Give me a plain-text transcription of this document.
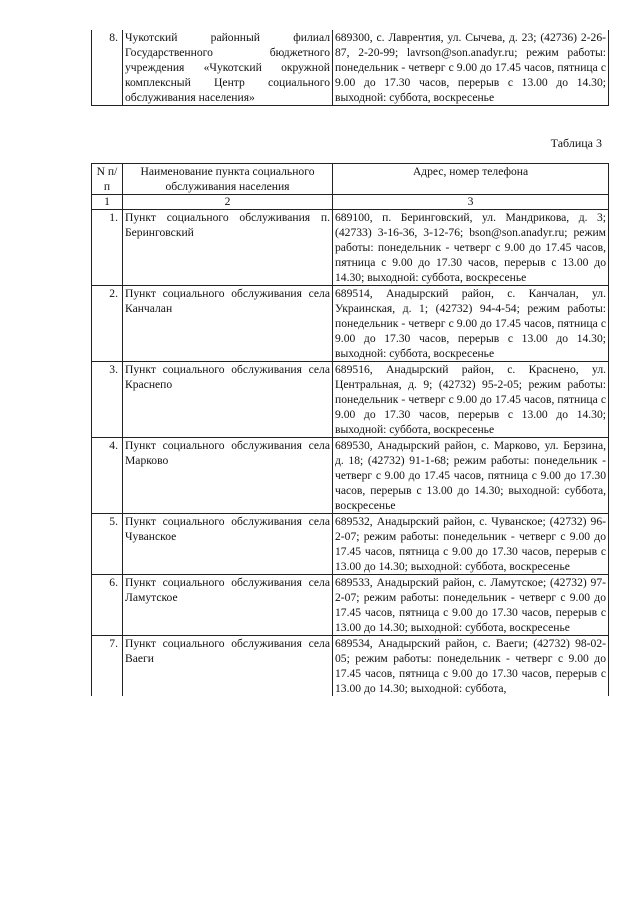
8.	Чукотский районный филиал Государственного бюджетного учреждения «Чукотский окружной комплексный Центр социального обслуживания населения»	689300, с. Лаврентия, ул. Сычева, д. 23; (42736) 2-26-87, 2-20-99; lavrson@son.anadyr.ru; режим работы: понедельник - четверг с 9.00 до 17.45 часов, пятница с 9.00 до 17.30 часов, перерыв с 13.00 до 14.30; выходной: суббота, воскресенье
Таблица 3
N п/п	Наименование пункта социального обслуживания населения	Адрес, номер телефона
1	2	3
1.	Пункт социального обслуживания п. Беринговский	689100, п. Беринговский, ул. Мандрикова, д. 3; (42733) 3-16-36, 3-12-76; bson@son.anadyr.ru; режим работы: понедельник - четверг с 9.00 до 17.45 часов, пятница с 9.00 до 17.30 часов, перерыв с 13.00 до 14.30; выходной: суббота, воскресенье
2.	Пункт социального обслуживания села Канчалан	689514, Анадырский район, с. Канчалан, ул. Украинская, д. 1; (42732) 94-4-54; режим работы: понедельник - четверг с 9.00 до 17.45 часов, пятница с 9.00 до 17.30 часов, перерыв с 13.00 до 14.30; выходной: суббота, воскресенье
3.	Пункт социального обслуживания села Краснепо	689516, Анадырский район, с. Краснено, ул. Центральная, д. 9; (42732) 95-2-05; режим работы: понедельник - четверг с 9.00 до 17.45 часов, пятница с 9.00 до 17.30 часов, перерыв с 13.00 до 14.30; выходной: суббота, воскресенье
4.	Пункт социального обслуживания села Марково	689530, Анадырский район, с. Марково, ул. Берзина, д. 18; (42732) 91-1-68; режим работы: понедельник - четверг с 9.00 до 17.45 часов, пятница с 9.00 до 17.30 часов, перерыв с 13.00 до 14.30; выходной: суббота, воскресенье
5.	Пункт социального обслуживания села Чуванское	689532, Анадырский район, с. Чуванское; (42732) 96-2-07; режим работы: понедельник - четверг с 9.00 до 17.45 часов, пятница с 9.00 до 17.30 часов, перерыв с 13.00 до 14.30; выходной: суббота, воскресенье
6.	Пункт социального обслуживания села Ламутское	689533, Анадырский район, с. Ламутское; (42732) 97-2-07; режим работы: понедельник - четверг с 9.00 до 17.45 часов, пятница с 9.00 до 17.30 часов, перерыв с 13.00 до 14.30; выходной: суббота, воскресенье
7.	Пункт социального обслуживания села Ваеги	689534, Анадырский район, с. Ваеги; (42732) 98-02-05; режим работы: понедельник - четверг с 9.00 до 17.45 часов, пятница с 9.00 до 17.30 часов, перерыв с 13.00 до 14.30; выходной: суббота,
